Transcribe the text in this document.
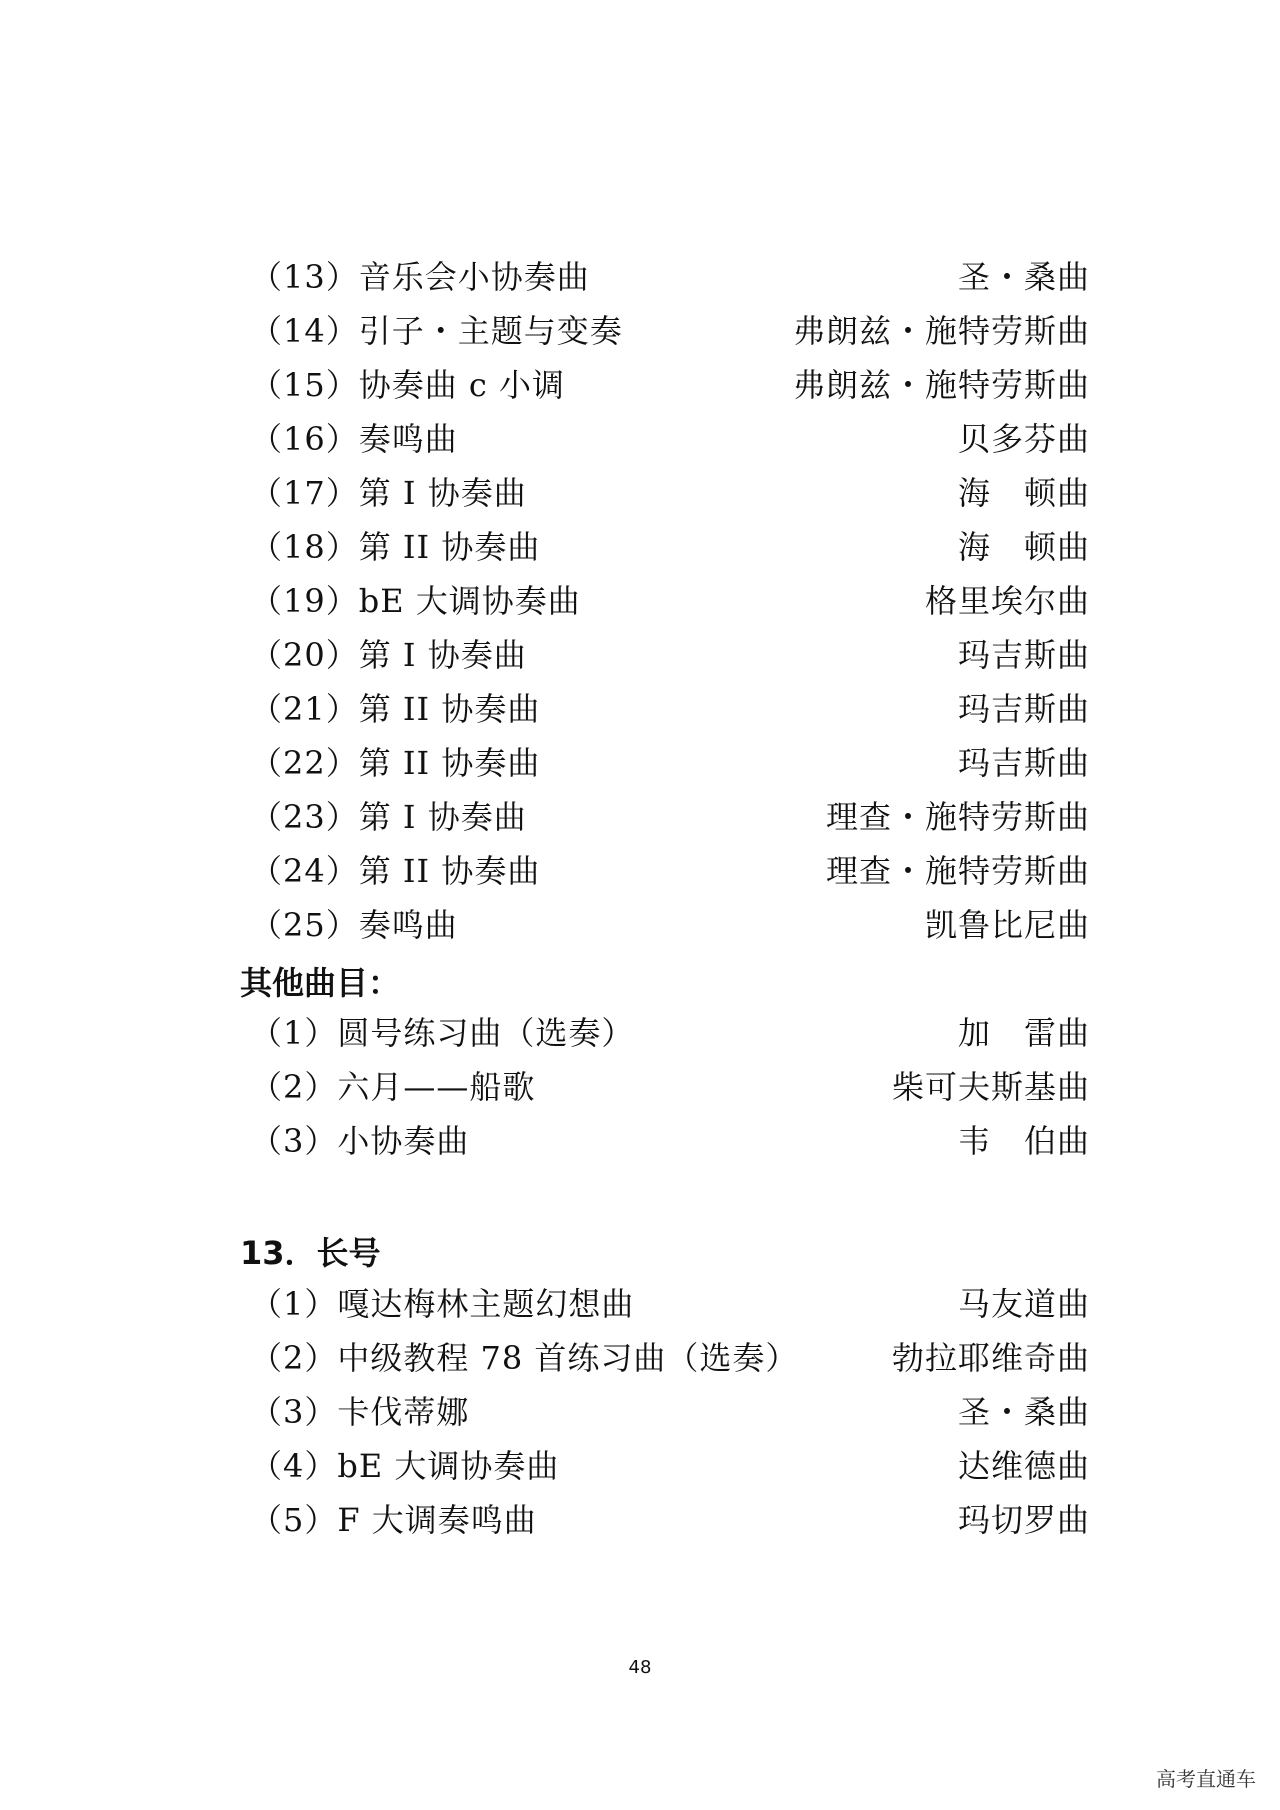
（13）音乐会小协奏曲	圣・桑曲
（14）引子・主题与变奏	弗朗兹・施特劳斯曲
（15）协奏曲 c 小调	弗朗兹・施特劳斯曲
（16）奏鸣曲	贝多芬曲
（17）第 I 协奏曲	海　顿曲
（18）第 II 协奏曲	海　顿曲
（19）bE 大调协奏曲	格里埃尔曲
（20）第 I 协奏曲	玛吉斯曲
（21）第 II 协奏曲	玛吉斯曲
（22）第 II 协奏曲	玛吉斯曲
（23）第 I 协奏曲	理查・施特劳斯曲
（24）第 II 协奏曲	理查・施特劳斯曲
（25）奏鸣曲	凯鲁比尼曲
其他曲目：
（1）圆号练习曲（选奏）	加　雷曲
（2）六月——船歌	柴可夫斯基曲
（3）小协奏曲	韦　伯曲
13．长号
（1）嘎达梅林主题幻想曲	马友道曲
（2）中级教程 78 首练习曲（选奏）	勃拉耶维奇曲
（3）卡伐蒂娜	圣・桑曲
（4）bE 大调协奏曲	达维德曲
（5）F 大调奏鸣曲	玛切罗曲
48
高考直通车
